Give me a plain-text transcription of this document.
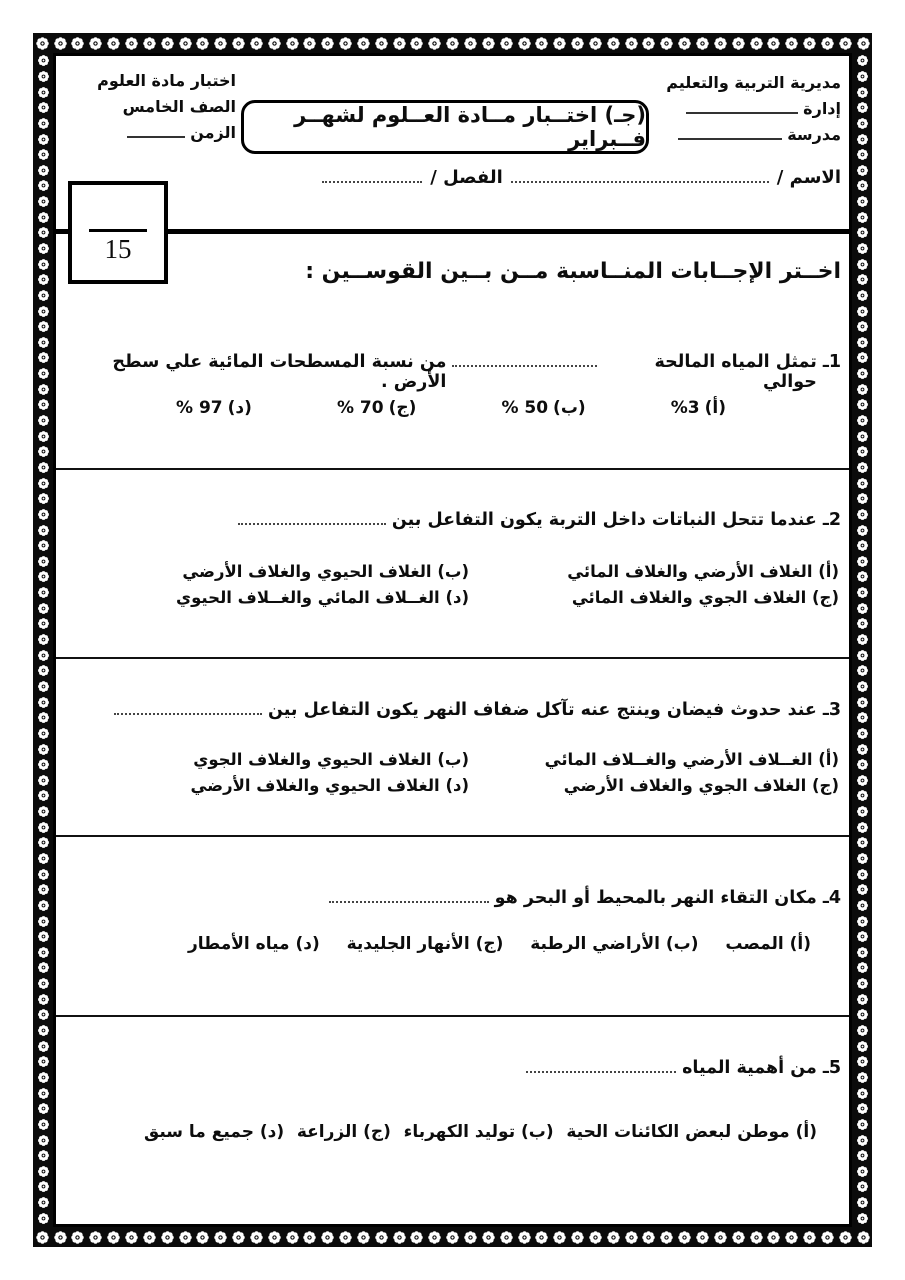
مديرية التربية والتعليم
إدارة
مدرسة
اختبار مادة العلوم
الصف الخامس
الزمن
(جـ) اختــبار مــادة العــلوم لشهــر فــبراير
الاسم /
الفصل /
15
اخــتر الإجــابات المنــاسبة مــن بــين القوســين :
1ـ
تمثل المياه المالحة حوالي
من نسبة المسطحات المائية علي سطح الأرض .
%3 (أ)
% 50 (ب)
% 70 (ج)
% 97 (د)
2ـ
عندما تتحل النباتات داخل التربة يكون التفاعل بين
(أ) الغلاف الأرضي والغلاف المائي
(ب) الغلاف الحيوي والغلاف الأرضي
(ج) الغلاف الجوي والغلاف المائي
(د) الغــلاف المائي والغــلاف الحيوي
3ـ
عند حدوث فيضان وينتج عنه تآكل ضفاف النهر يكون التفاعل بين
(أ) الغــلاف الأرضي والغــلاف المائي
(ب) الغلاف الحيوي والغلاف الجوي
(ج) الغلاف الجوي والغلاف الأرضي
(د) الغلاف الحيوي والغلاف الأرضي
4ـ
مكان التقاء النهر بالمحيط أو البحر هو
(أ) المصب
(ب) الأراضي الرطبة
(ج) الأنهار الجليدية
(د) مياه الأمطار
5ـ
من أهمية المياه
(أ) موطن لبعض الكائنات الحية
(ب) توليد الكهرباء
(ج) الزراعة
(د) جميع ما سبق
